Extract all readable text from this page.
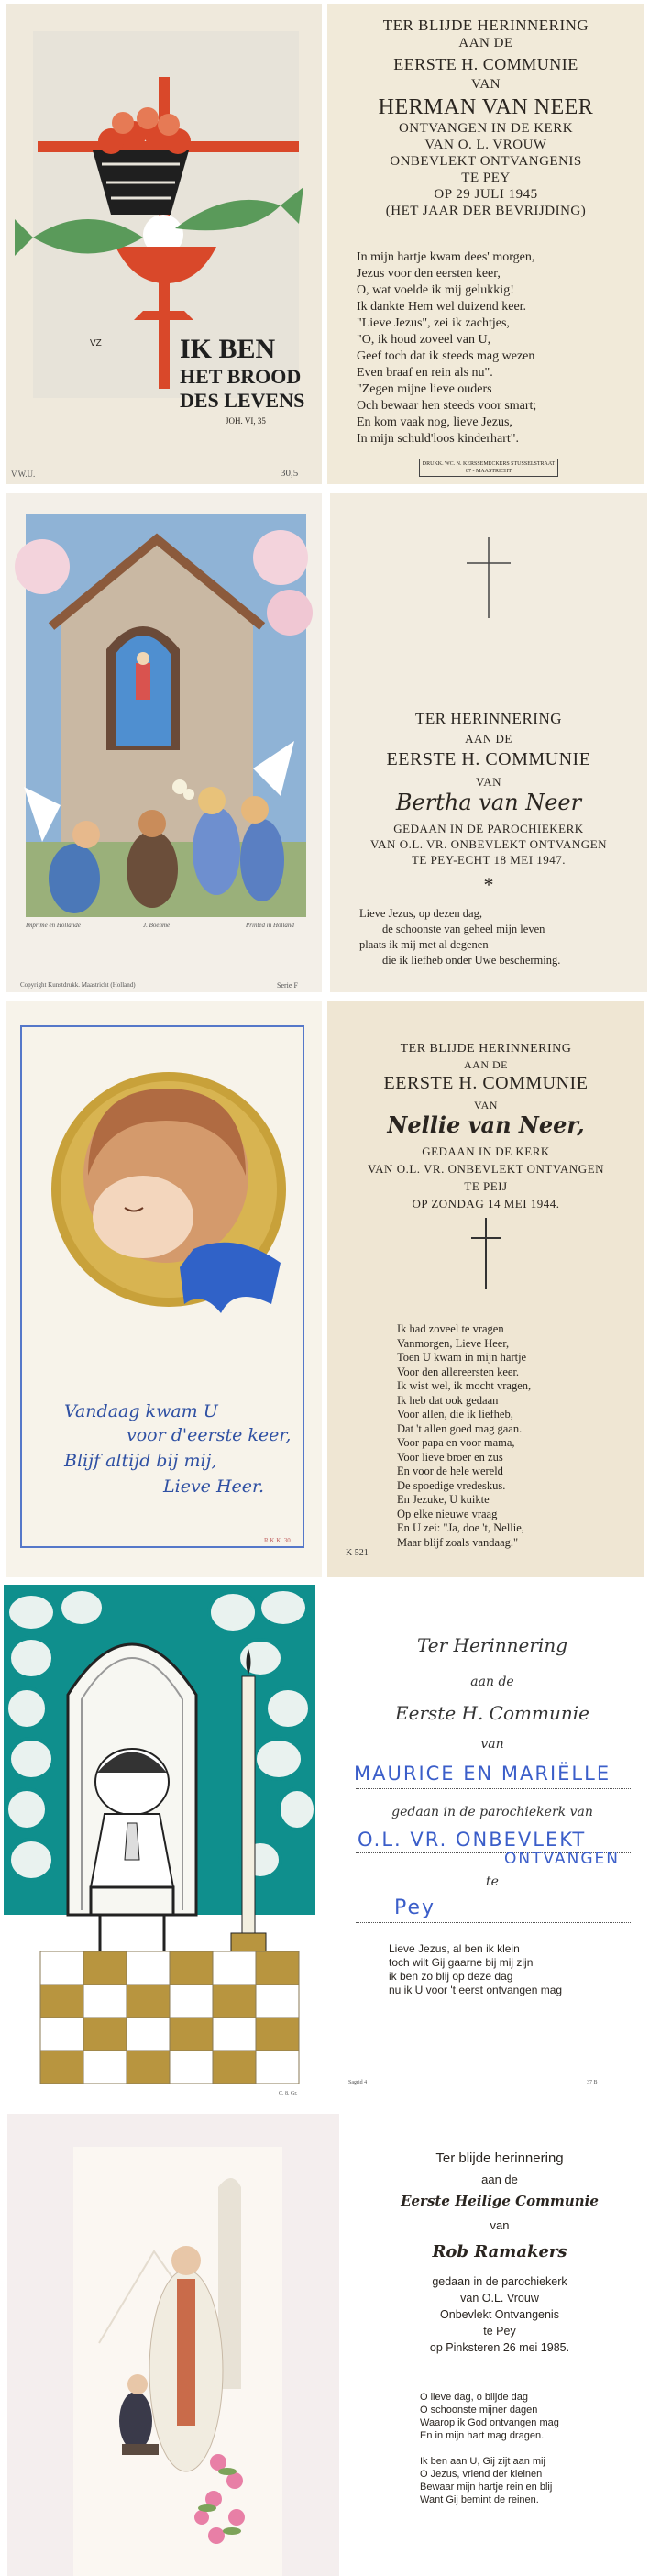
VZ	IK BEN
HET BROOD
DES LEVENS
JOH. VI, 35
V.W.U.	30,5
TER BLIJDE HERINNERING
AAN DE
EERSTE H. COMMUNIE
VAN
HERMAN VAN NEER
ONTVANGEN IN DE KERK
VAN O. L. VROUW
ONBEVLEKT ONTVANGENIS
TE PEY
OP 29 JULI 1945
(HET JAAR DER BEVRIJDING)
In mijn hartje kwam dees' morgen,
Jezus voor den eersten keer,
O, wat voelde ik mij gelukkig!
Ik dankte Hem wel duizend keer.
"Lieve Jezus", zei ik zachtjes,
"O, ik houd zoveel van U,
Geef toch dat ik steeds mag wezen
Even braaf en rein als nu".
"Zegen mijne lieve ouders
Och bewaar hen steeds voor smart;
En kom vaak nog, lieve Jezus,
In mijn schuld'loos kinderhart".
DRUKK. WC. N. KERSSEMECKERS STUSSELSTRAAT 87 - MAASTRICHT
Imprimé en Hollande	J. Boehme	Printed in Holland
Copyright Kunstdrukk. Maastricht (Holland)	Serie F
TER HERINNERING
AAN DE
EERSTE H. COMMUNIE
VAN
Bertha van Neer
GEDAAN IN DE PAROCHIEKERK
VAN O.L. VR. ONBEVLEKT ONTVANGEN
TE PEY-ECHT 18 MEI 1947.
*
Lieve Jezus, op dezen dag,
de schoonste van geheel mijn leven
plaats ik mij met al degenen
die ik liefheb onder Uwe bescherming.
Vandaag kwam U
voor d'eerste keer,
Blijf altijd bij mij,
Lieve Heer.
R.K.K. 30
TER BLIJDE HERINNERING
AAN DE
EERSTE H. COMMUNIE
VAN
Nellie van Neer,
GEDAAN IN DE KERK
VAN O.L. VR. ONBEVLEKT ONTVANGEN
TE PEIJ
OP ZONDAG 14 MEI 1944.
Ik had zoveel te vragen
Vanmorgen, Lieve Heer,
Toen U kwam in mijn hartje
Voor den allereersten keer.
Ik wist wel, ik mocht vragen,
Ik heb dat ook gedaan
Voor allen, die ik liefheb,
Dat 't allen goed mag gaan.
Voor papa en voor mama,
Voor lieve broer en zus
En voor de hele wereld
De spoedige vredeskus.
En Jezuke, U kuikte
Op elke nieuwe vraag
En U zei: "Ja, doe 't, Nellie,
Maar blijf zoals vandaag."
K 521
C. 8. Gr.
Ter Herinnering
aan de
Eerste H. Communie
van
MAURICE EN MARIËLLE
gedaan in de parochiekerk van
O.L. VR. ONBEVLEKT
ONTVANGEN
te
Pey
Lieve Jezus, al ben ik klein
toch wilt Gij gaarne bij mij zijn
ik ben zo blij op deze dag
nu ik U voor 't eerst ontvangen mag
Sagrid 4	37 B
Ter blijde herinnering
aan de
Eerste Heilige Communie
van
Rob Ramakers
gedaan in de parochiekerk
van O.L. Vrouw
Onbevlekt Ontvangenis
te Pey
op Pinksteren 26 mei 1985.
O lieve dag, o blijde dag
O schoonste mijner dagen
Waarop ik God ontvangen mag
En in mijn hart mag dragen.
Ik ben aan U, Gij zijt aan mij
O Jezus, vriend der kleinen
Bewaar mijn hartje rein en blij
Want Gij bemint de reinen.
